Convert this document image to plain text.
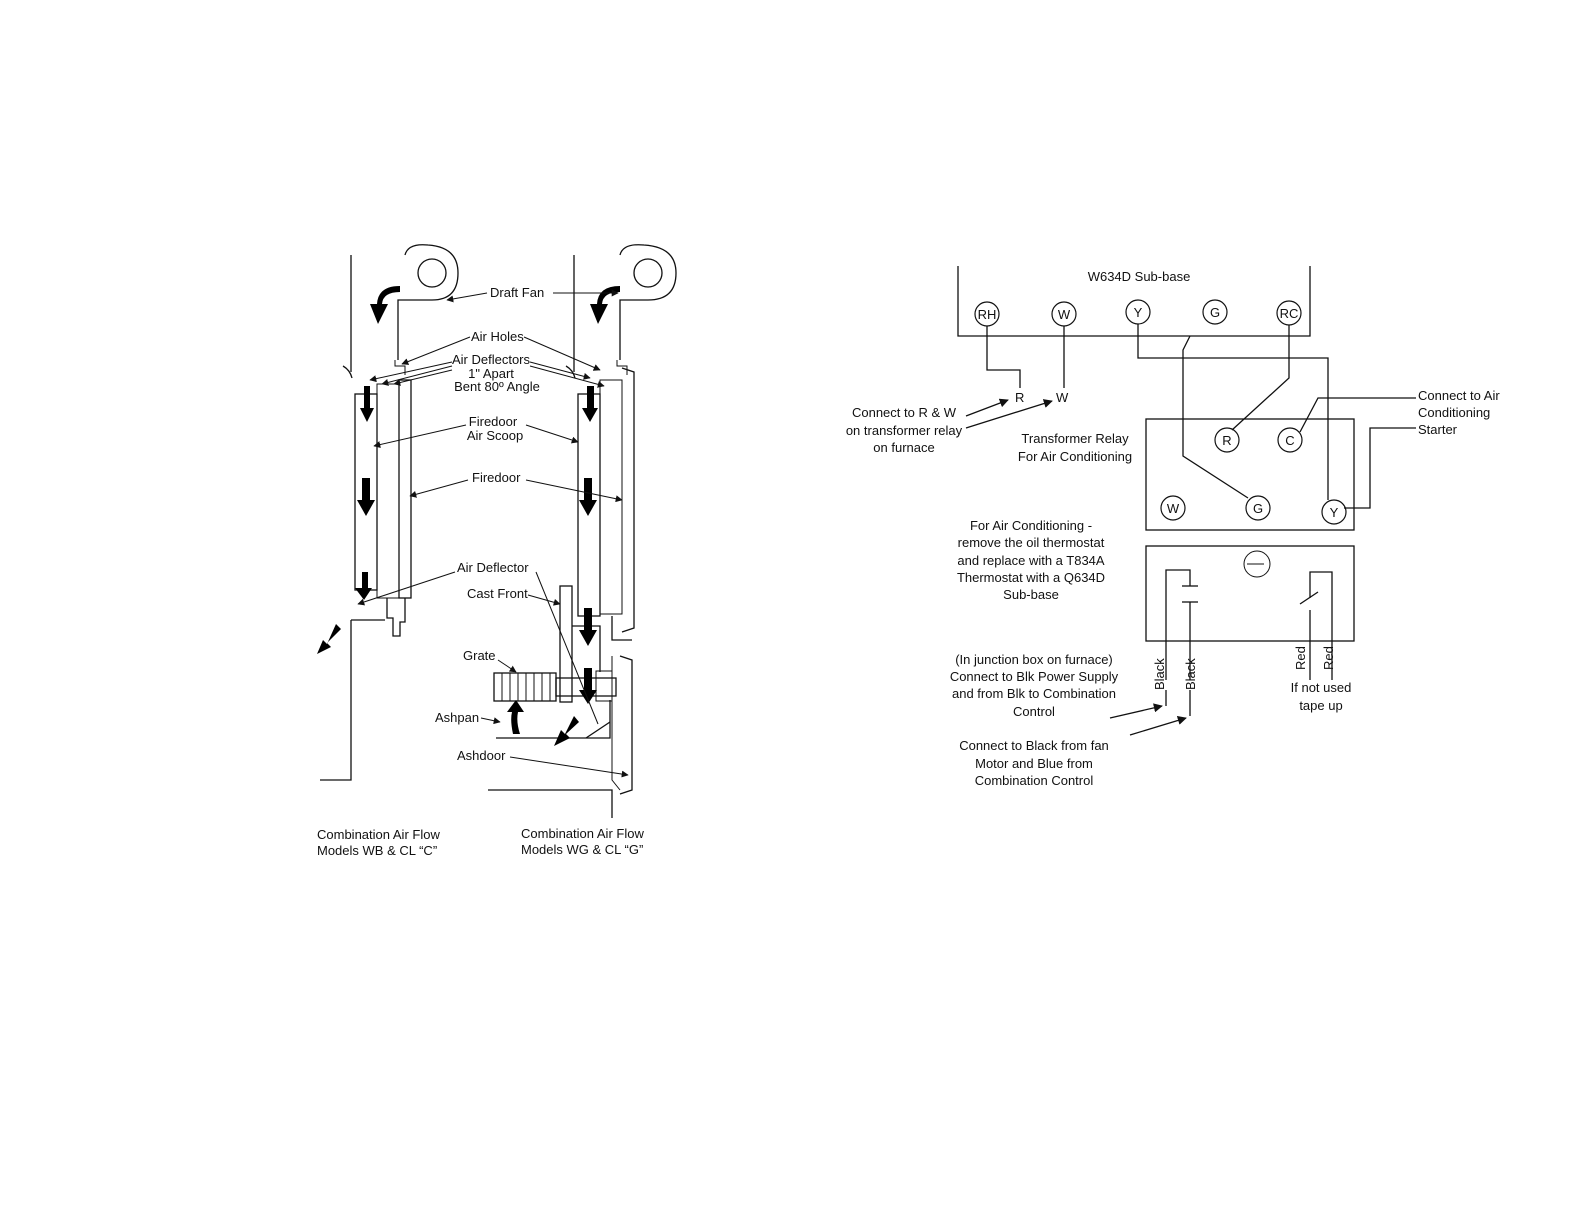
Draft Fan
Air Holes
Air Deflectors
1" Apart
Bent 80º Angle
Firedoor
Air Scoop
Firedoor
Air Deflector
Cast Front
Grate
Ashpan
Ashdoor
Combination Air Flow
Models WB & CL “C”
Combination Air Flow
Models WG & CL “G”
W634D Sub-base
RH	W	Y	G	RC
R	C
W	G	Y
R W
Black Black
Red Red
Connect to R & W
on transformer relay
on furnace
Transformer Relay
For Air Conditioning
Connect to Air
Conditioning
Starter
For Air Conditioning -
remove the oil thermostat
and replace with a T834A
Thermostat with a Q634D
Sub-base
(In junction box on furnace)
Connect to Blk Power Supply
and from Blk to Combination
Control
Connect to Black from fan
Motor and Blue from
Combination Control
If not used
tape up
